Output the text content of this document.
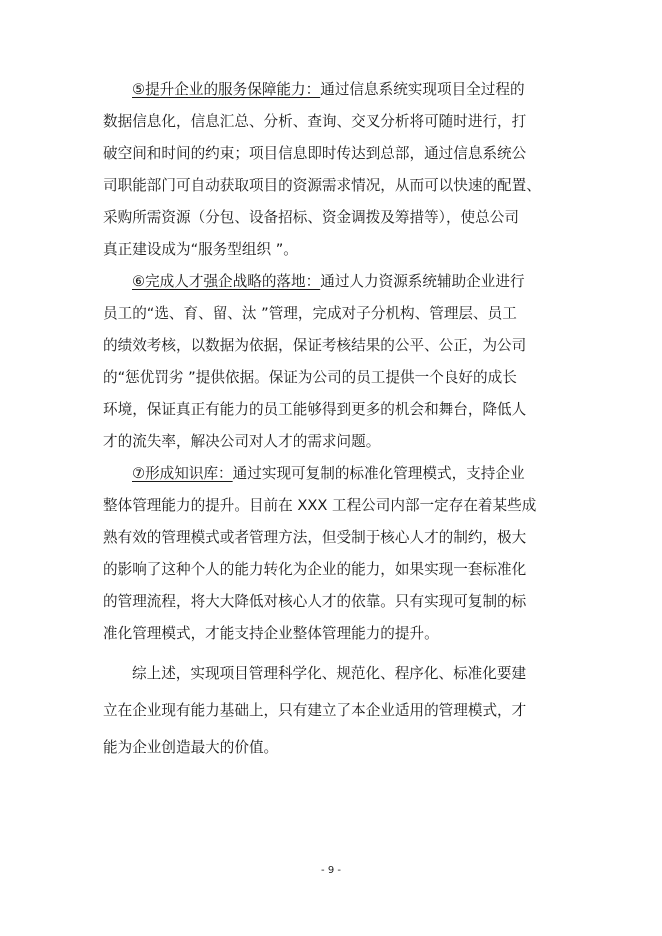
⑤提升企业的服务保障能力：通过信息系统实现项目全过程的
数据信息化，信息汇总、分析、查询、交叉分析将可随时进行，打
破空间和时间的约束；项目信息即时传达到总部，通过信息系统公
司职能部门可自动获取项目的资源需求情况，从而可以快速的配置、
采购所需资源（分包、设备招标、资金调拨及筹措等），使总公司
真正建设成为“服务型组织 ”。
⑥完成人才强企战略的落地：通过人力资源系统辅助企业进行
员工的“选、育、留、汰 ”管理，完成对子分机构、管理层、员工
的绩效考核，以数据为依据，保证考核结果的公平、公正，为公司
的“惩优罚劣 ”提供依据。保证为公司的员工提供一个良好的成长
环境，保证真正有能力的员工能够得到更多的机会和舞台，降低人
才的流失率，解决公司对人才的需求问题。
⑦形成知识库：通过实现可复制的标准化管理模式，支持企业
整体管理能力的提升。目前在 XXX 工程公司内部一定存在着某些成
熟有效的管理模式或者管理方法，但受制于核心人才的制约，极大
的影响了这种个人的能力转化为企业的能力，如果实现一套标准化
的管理流程，将大大降低对核心人才的依靠。只有实现可复制的标
准化管理模式，才能支持企业整体管理能力的提升。
综上述，实现项目管理科学化、规范化、程序化、标准化要建
立在企业现有能力基础上，只有建立了本企业适用的管理模式，才
能为企业创造最大的价值。
- 9 -
